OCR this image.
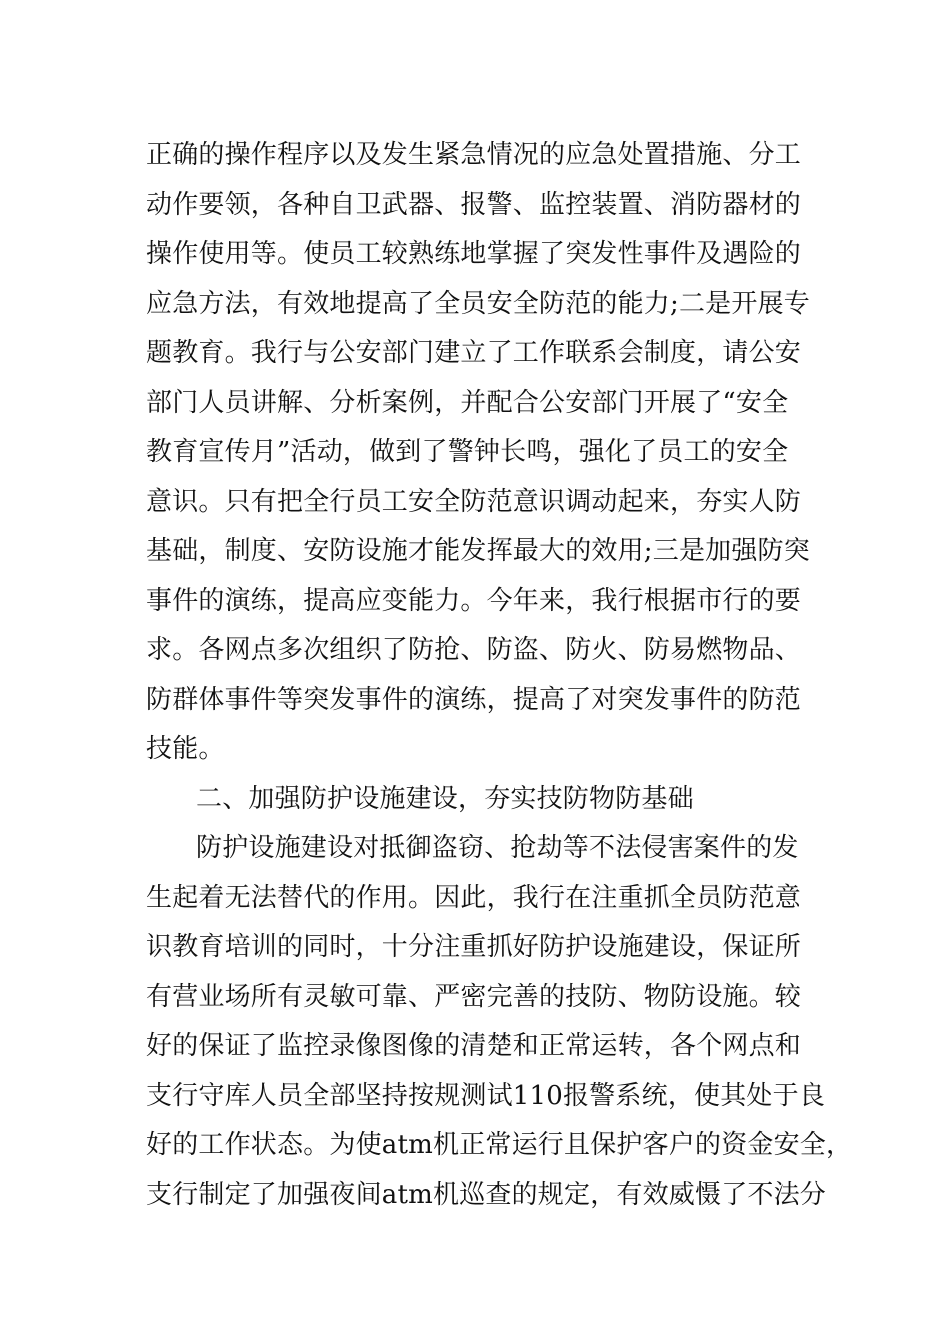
正确的操作程序以及发生紧急情况的应急处置措施、分工
动作要领，各种自卫武器、报警、监控装置、消防器材的
操作使用等。使员工较熟练地掌握了突发性事件及遇险的
应急方法，有效地提高了全员安全防范的能力;二是开展专
题教育。我行与公安部门建立了工作联系会制度，请公安
部门人员讲解、分析案例，并配合公安部门开展了“安全
教育宣传月”活动，做到了警钟长鸣，强化了员工的安全
意识。只有把全行员工安全防范意识调动起来，夯实人防
基础，制度、安防设施才能发挥最大的效用;三是加强防突
事件的演练，提高应变能力。今年来，我行根据市行的要
求。各网点多次组织了防抢、防盗、防火、防易燃物品、
防群体事件等突发事件的演练，提高了对突发事件的防范
技能。
二、加强防护设施建设，夯实技防物防基础
防护设施建设对抵御盗窃、抢劫等不法侵害案件的发
生起着无法替代的作用。因此，我行在注重抓全员防范意
识教育培训的同时，十分注重抓好防护设施建设，保证所
有营业场所有灵敏可靠、严密完善的技防、物防设施。较
好的保证了监控录像图像的清楚和正常运转，各个网点和
支行守库人员全部坚持按规测试110报警系统，使其处于良
好的工作状态。为使atm机正常运行且保护客户的资金安全，
支行制定了加强夜间atm机巡查的规定，有效威慑了不法分
